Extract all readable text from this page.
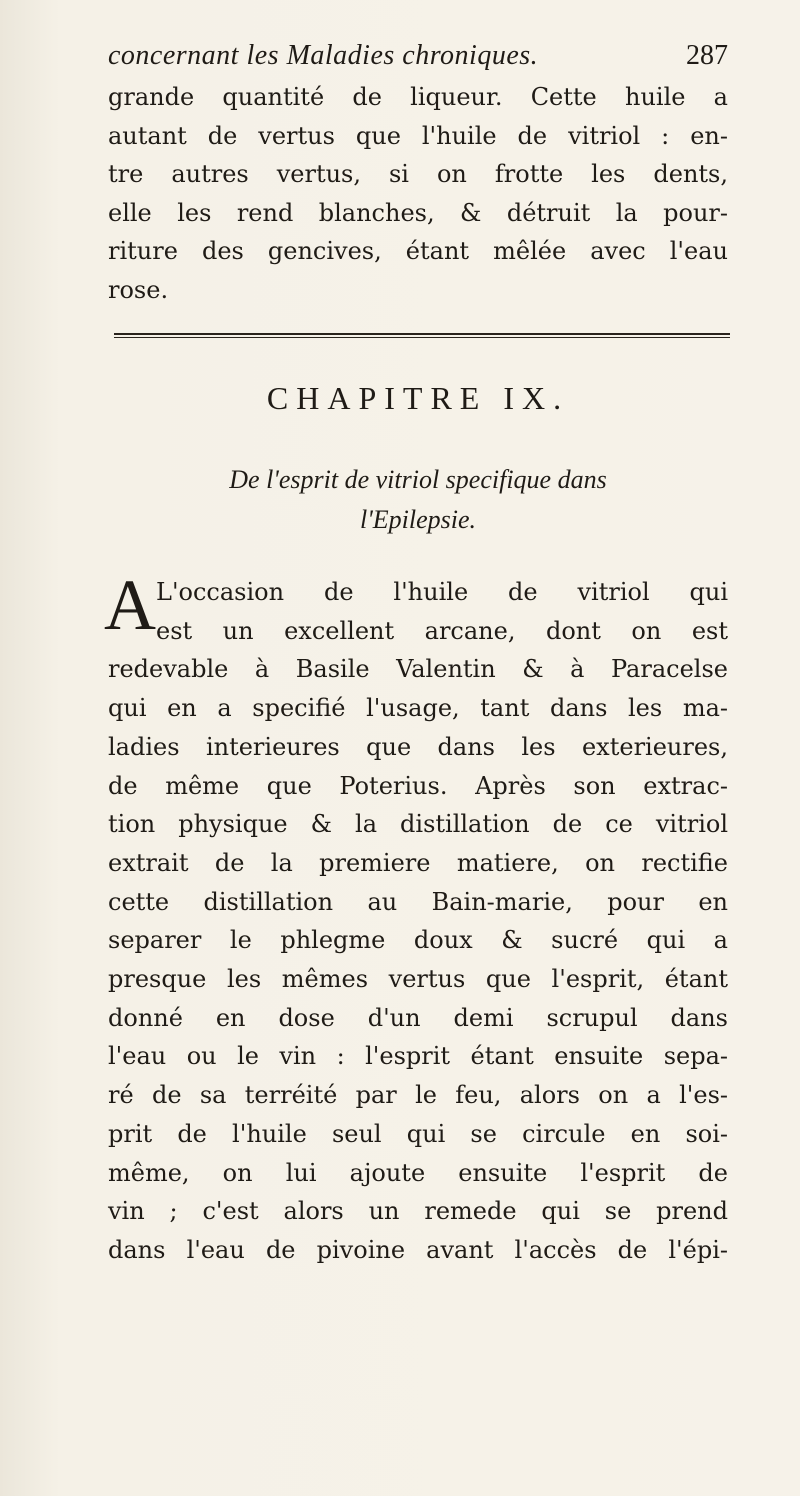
concernant les Maladies chroniques.	287
grande quantité de liqueur. Cette huile a
autant de vertus que l'huile de vitriol : en-
tre autres vertus, si on frotte les dents,
elle les rend blanches, & détruit la pour-
riture des gencives, étant mêlée avec l'eau
rose.
CHAPITRE IX.
De l'esprit de vitriol specifique dans
l'Epilepsie.
A L'occasion de l'huile de vitriol qui
est un excellent arcane, dont on est
redevable à Basile Valentin & à Paracelse
qui en a specifié l'usage, tant dans les ma-
ladies interieures que dans les exterieures,
de même que Poterius. Après son extrac-
tion physique & la distillation de ce vitriol
extrait de la premiere matiere, on rectifie
cette distillation au Bain-marie, pour en
separer le phlegme doux & sucré qui a
presque les mêmes vertus que l'esprit, étant
donné en dose d'un demi scrupul dans
l'eau ou le vin : l'esprit étant ensuite sepa-
ré de sa terréité par le feu, alors on a l'es-
prit de l'huile seul qui se circule en soi-
même, on lui ajoute ensuite l'esprit de
vin ; c'est alors un remede qui se prend
dans l'eau de pivoine avant l'accès de l'épi-
